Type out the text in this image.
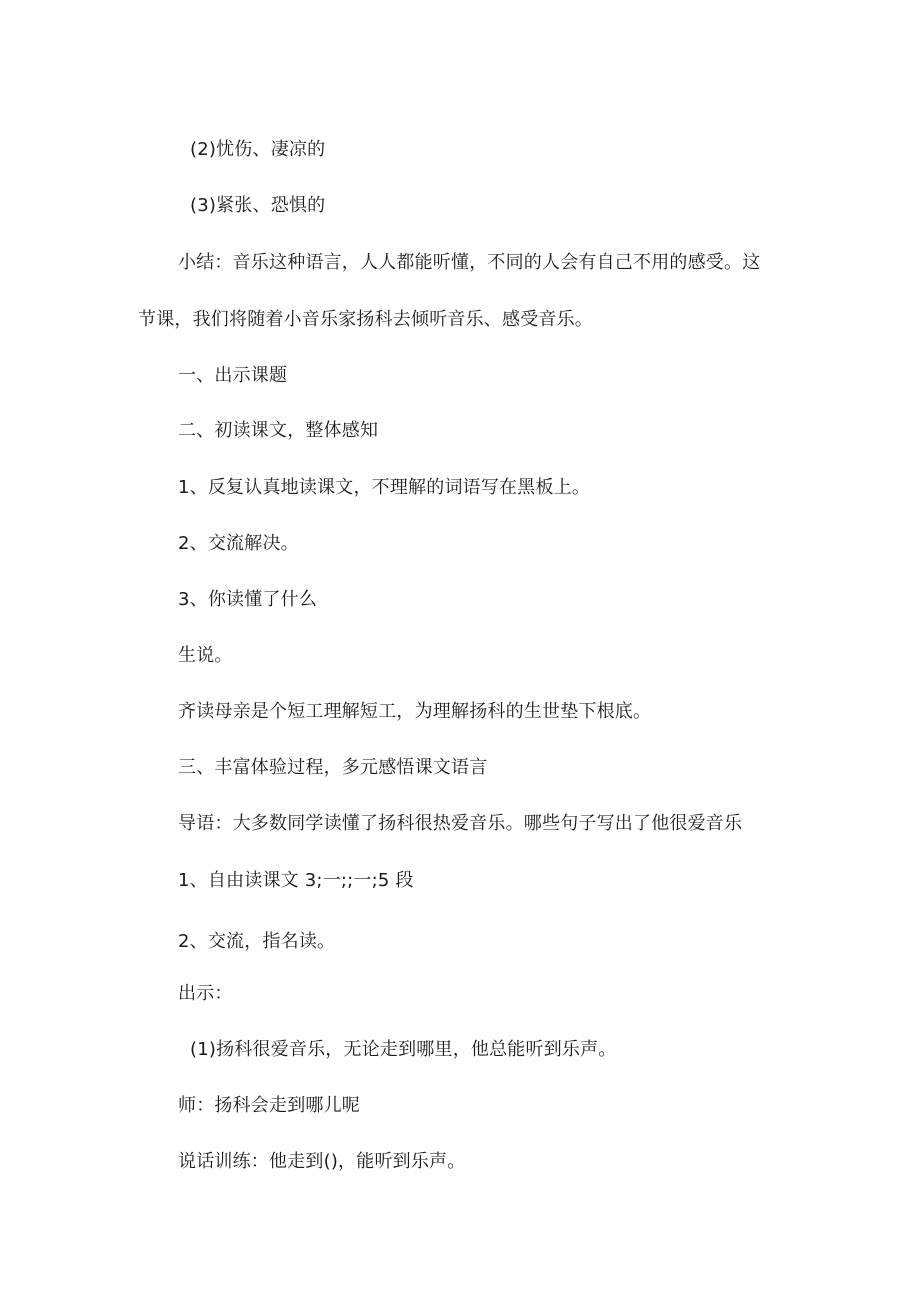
(2)忧伤、凄凉的
(3)紧张、恐惧的
小结：音乐这种语言，人人都能听懂，不同的人会有自己不用的感受。这
节课，我们将随着小音乐家扬科去倾听音乐、感受音乐。
一、出示课题
二、初读课文，整体感知
1、反复认真地读课文，不理解的词语写在黑板上。
2、交流解决。
3、你读懂了什么
生说。
齐读母亲是个短工理解短工，为理解扬科的生世垫下根底。
三、丰富体验过程，多元感悟课文语言
导语：大多数同学读懂了扬科很热爱音乐。哪些句子写出了他很爱音乐
1、自由读课文 3;一;;一;5 段
2、交流，指名读。
出示：
(1)扬科很爱音乐，无论走到哪里，他总能听到乐声。
师：扬科会走到哪儿呢
说话训练：他走到()，能听到乐声。
